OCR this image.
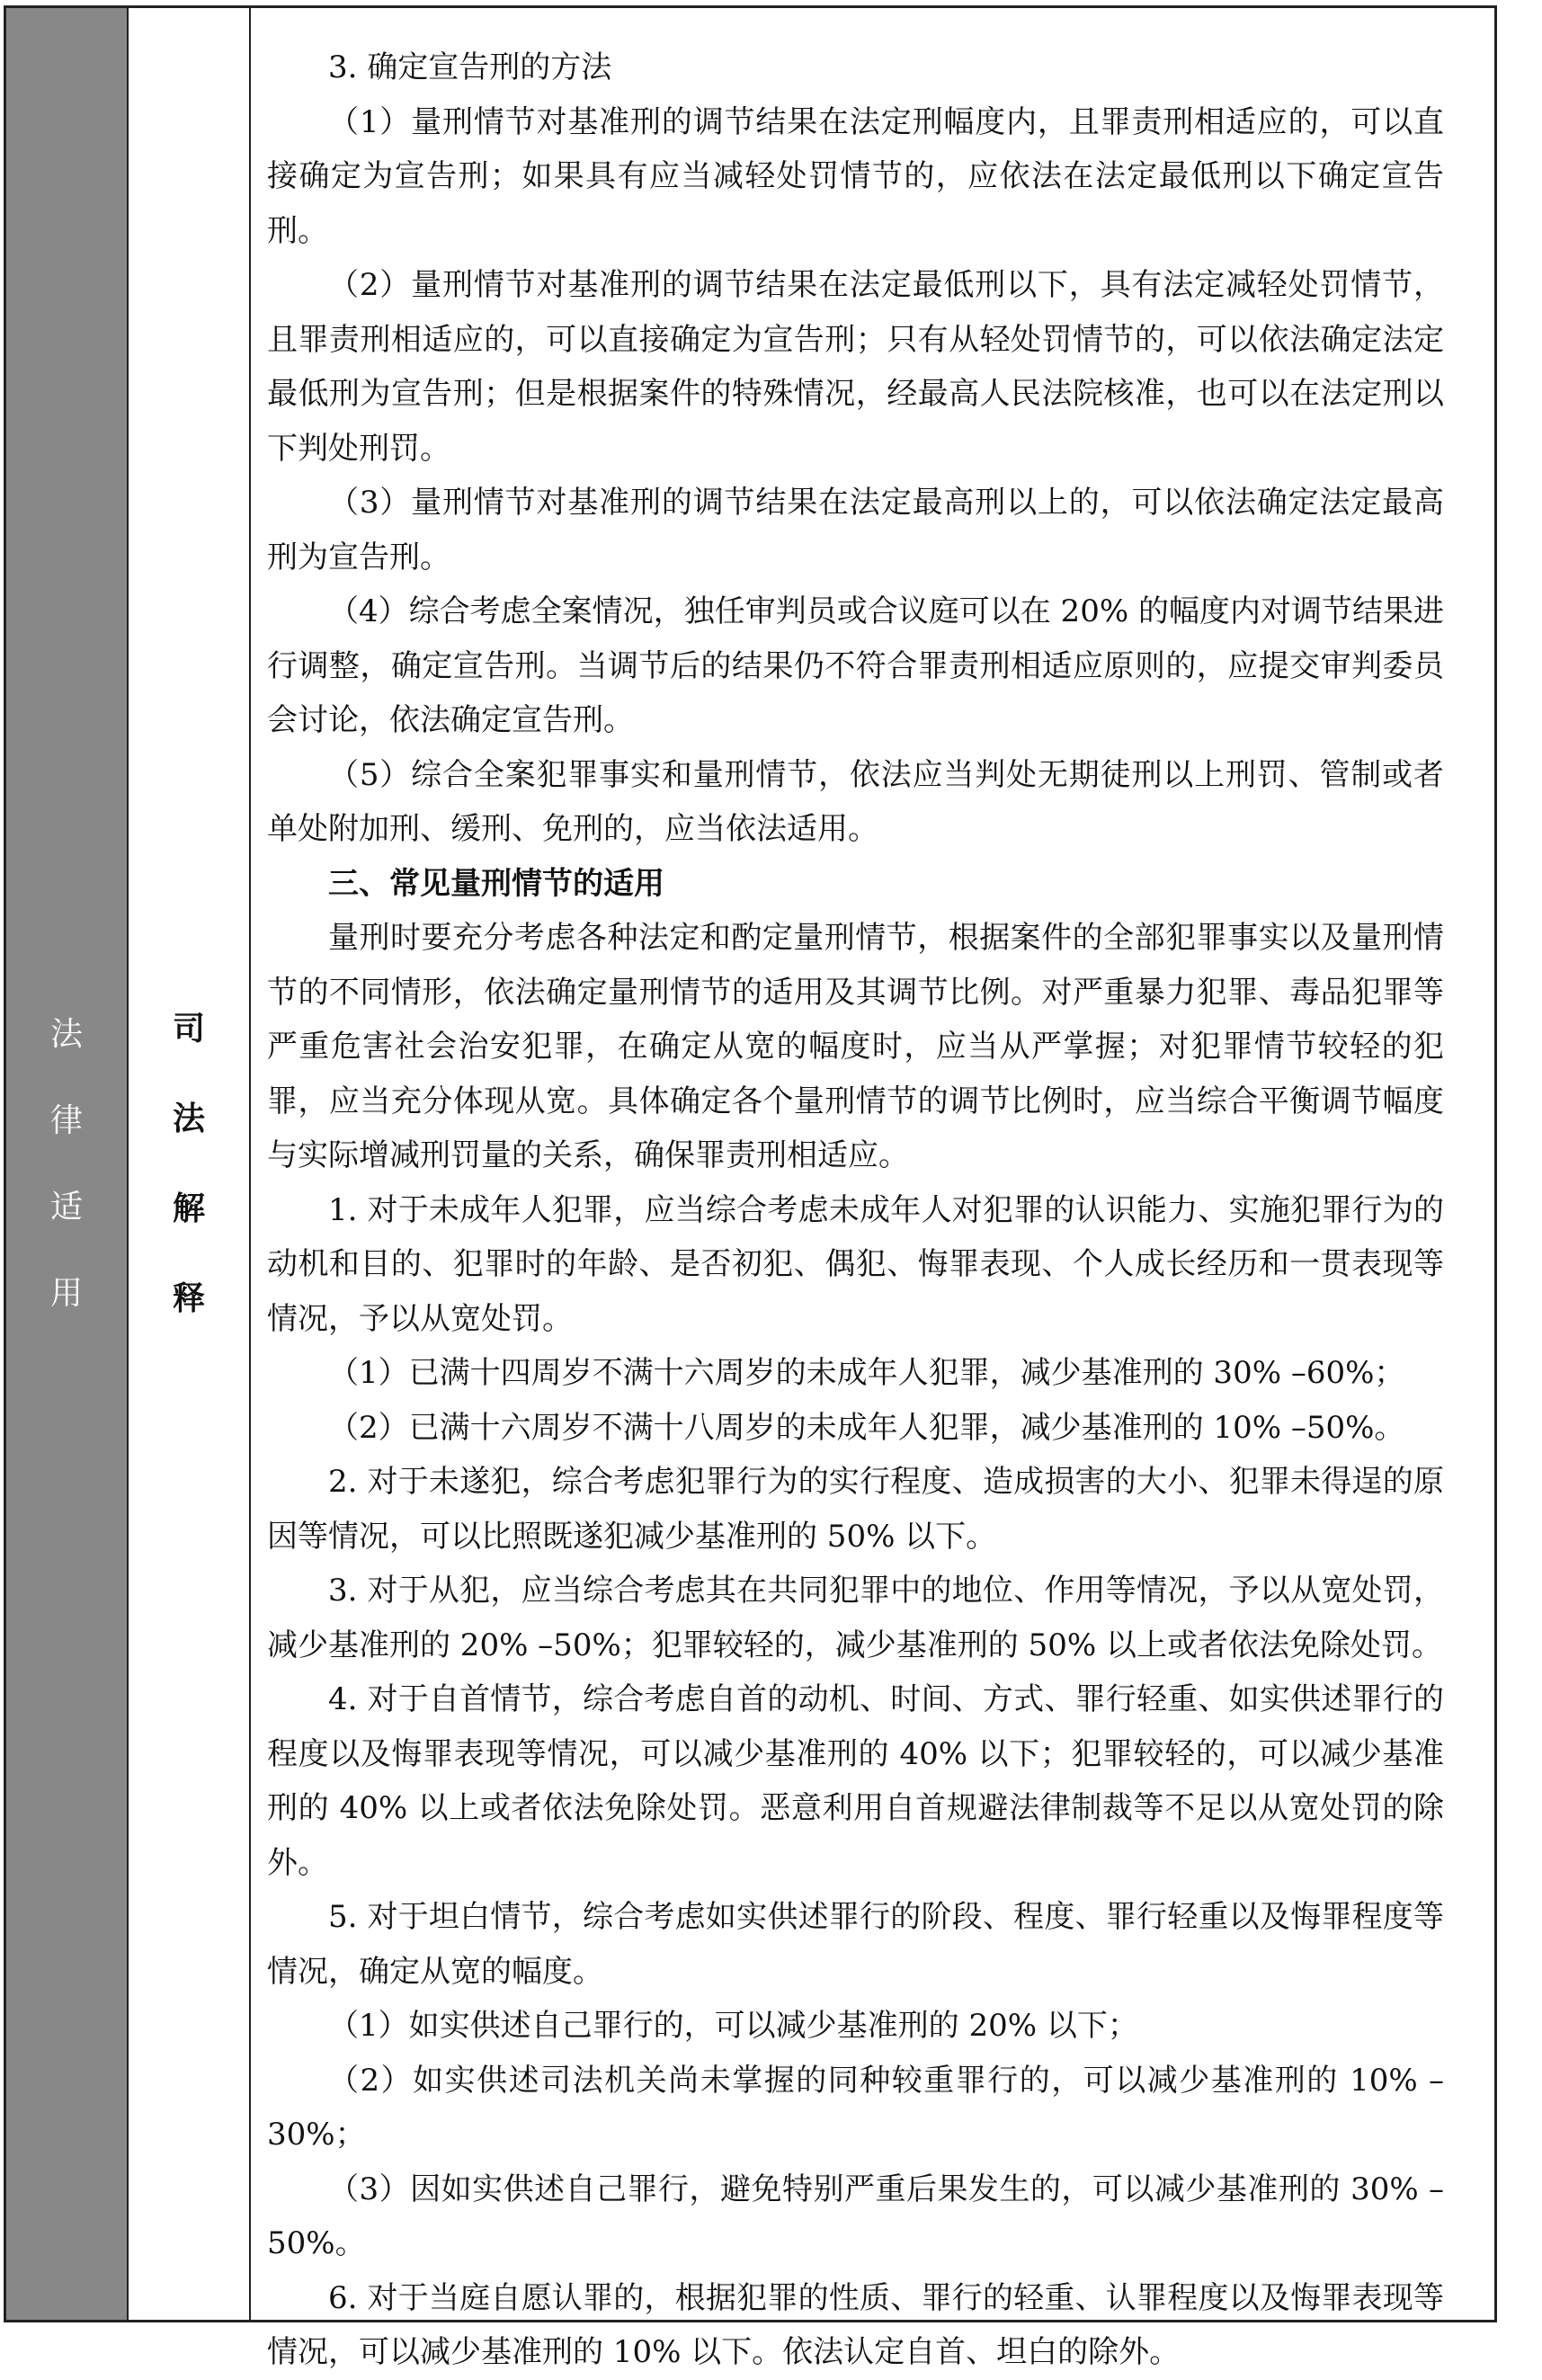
法
律
适
用
司
法
解
释

3. 确定宣告刑的方法

（1）量刑情节对基准刑的调节结果在法定刑幅度内，且罪责刑相适应的，可以直接确定为宣告刑；如果具有应当减轻处罚情节的，应依法在法定最低刑以下确定宣告刑。

（2）量刑情节对基准刑的调节结果在法定最低刑以下，具有法定减轻处罚情节，且罪责刑相适应的，可以直接确定为宣告刑；只有从轻处罚情节的，可以依法确定法定最低刑为宣告刑；但是根据案件的特殊情况，经最高人民法院核准，也可以在法定刑以下判处刑罚。

（3）量刑情节对基准刑的调节结果在法定最高刑以上的，可以依法确定法定最高刑为宣告刑。

（4）综合考虑全案情况，独任审判员或合议庭可以在 20% 的幅度内对调节结果进行调整，确定宣告刑。当调节后的结果仍不符合罪责刑相适应原则的，应提交审判委员会讨论，依法确定宣告刑。

（5）综合全案犯罪事实和量刑情节，依法应当判处无期徒刑以上刑罚、管制或者单处附加刑、缓刑、免刑的，应当依法适用。

三、常见量刑情节的适用

量刑时要充分考虑各种法定和酌定量刑情节，根据案件的全部犯罪事实以及量刑情节的不同情形，依法确定量刑情节的适用及其调节比例。对严重暴力犯罪、毒品犯罪等严重危害社会治安犯罪，在确定从宽的幅度时，应当从严掌握；对犯罪情节较轻的犯罪，应当充分体现从宽。具体确定各个量刑情节的调节比例时，应当综合平衡调节幅度与实际增减刑罚量的关系，确保罪责刑相适应。

1. 对于未成年人犯罪，应当综合考虑未成年人对犯罪的认识能力、实施犯罪行为的动机和目的、犯罪时的年龄、是否初犯、偶犯、悔罪表现、个人成长经历和一贯表现等情况，予以从宽处罚。

（1）已满十四周岁不满十六周岁的未成年人犯罪，减少基准刑的 30% –60%；

（2）已满十六周岁不满十八周岁的未成年人犯罪，减少基准刑的 10% –50%。

2. 对于未遂犯，综合考虑犯罪行为的实行程度、造成损害的大小、犯罪未得逞的原因等情况，可以比照既遂犯减少基准刑的 50% 以下。

3. 对于从犯，应当综合考虑其在共同犯罪中的地位、作用等情况，予以从宽处罚，减少基准刑的 20% –50%；犯罪较轻的，减少基准刑的 50% 以上或者依法免除处罚。

4. 对于自首情节，综合考虑自首的动机、时间、方式、罪行轻重、如实供述罪行的程度以及悔罪表现等情况，可以减少基准刑的 40% 以下；犯罪较轻的，可以减少基准刑的 40% 以上或者依法免除处罚。恶意利用自首规避法律制裁等不足以从宽处罚的除外。

5. 对于坦白情节，综合考虑如实供述罪行的阶段、程度、罪行轻重以及悔罪程度等情况，确定从宽的幅度。

（1）如实供述自己罪行的，可以减少基准刑的 20% 以下；

（2）如实供述司法机关尚未掌握的同种较重罪行的，可以减少基准刑的 10% –30%；

（3）因如实供述自己罪行，避免特别严重后果发生的，可以减少基准刑的 30% –50%。

6. 对于当庭自愿认罪的，根据犯罪的性质、罪行的轻重、认罪程度以及悔罪表现等情况，可以减少基准刑的 10% 以下。依法认定自首、坦白的除外。
